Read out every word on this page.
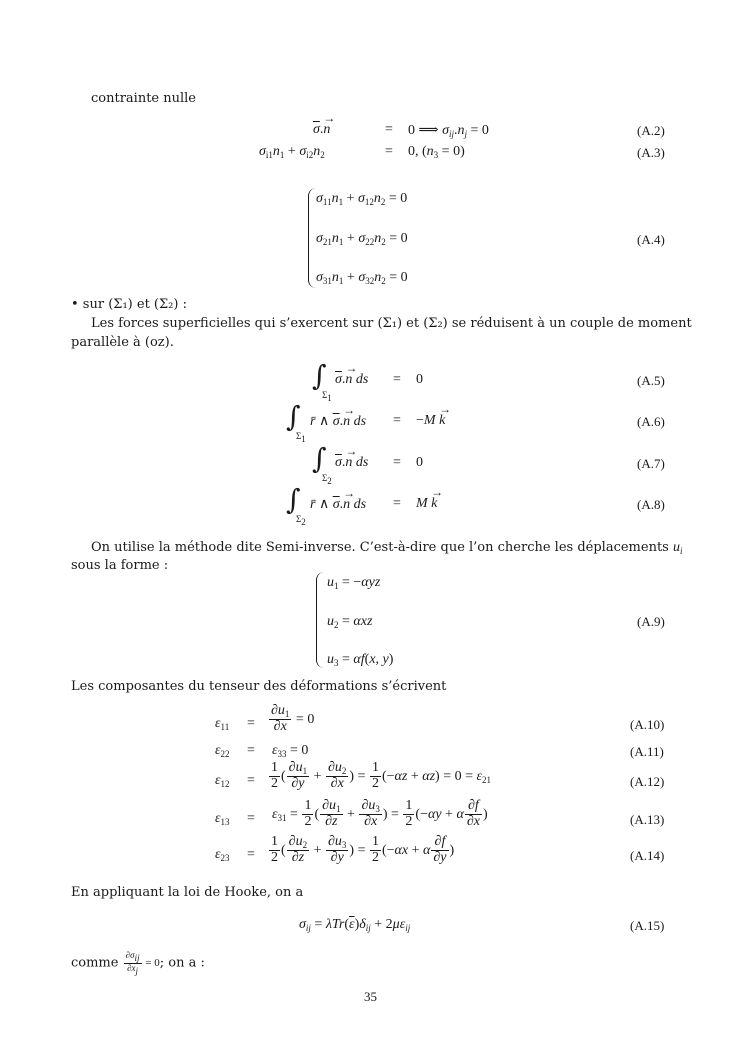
contrainte nulle
$\overline{\sigma}.\to n$	= 0 ⟹ $\sigma_{ij}.n_j = 0$	(A.2)
$\sigma_{i1}n_1 + \sigma_{i2}n_2$	= 0, $(n_3 = 0)$	(A.3)
$\sigma_{11}n_1 + \sigma_{12}n_2 = 0$
$\sigma_{21}n_1 + \sigma_{22}n_2 = 0$
$\sigma_{31}n_1 + \sigma_{32}n_2 = 0$
(A.4)
• sur (Σ₁) et (Σ₂) :
Les forces superficielles qui s’exercent sur (Σ₁) et (Σ₂) se réduisent à un couple de moment
parallèle à (oz).
∫
$\Sigma_1$
$\overline{\sigma}.\to n$ ds = 0	(A.5)
∫
$\Sigma_1$
r̄ ∧ $\overline{\sigma}.\to n$ ds = −M → k	(A.6)
∫
$\Sigma_2$
$\overline{\sigma}.\to n$ ds = 0	(A.7)
∫
$\Sigma_2$
r̄ ∧ $\overline{\sigma}.\to n$ ds = M → k	(A.8)
On utilise la méthode dite Semi-inverse. C’est-à-dire que l’on cherche les déplacements $u_i$
sous la forme :
$u_1 = -\alpha yz$
$u_2 = \alpha xz$
$u_3 = \alpha f(x$, y)
(A.9)
Les composantes du tenseur des déformations s’écrivent
$\varepsilon_{11} = \frac{\partial u_1}{\partial x} = 0$	(A.10)
$\varepsilon_{22} = \varepsilon_{33} = 0$	(A.11)
$\varepsilon_{12} = \frac{1}{2}$ ( $\frac{\partial u_1}{\partial y} + \frac{\partial u_2}{\partial x}$ ) = $\frac{1}{2} (-\alpha z + \alpha z) = 0 = \varepsilon_{21}$	(A.12)
$\varepsilon_{13} = \varepsilon_{31} = \frac{1}{2}$ ( $\frac{\partial u_1}{\partial z} + \frac{\partial u_3}{\partial x}$ ) = $\frac{1}{2} (-\alpha y + \alpha \frac{\partial f}{\partial x}$ )	(A.13)
$\varepsilon_{23} = \frac{1}{2}$ ( $\frac{\partial u_2}{\partial z} + \frac{\partial u_3}{\partial y}$ ) = $\frac{1}{2} (-\alpha x + \alpha \frac{\partial f}{\partial y}$ )	(A.14)
En appliquant la loi de Hooke, on a
$\sigma_{ij} = \lambda Tr(\overline{\varepsilon})\delta_{ij} + 2\mu\varepsilon_{ij}$	(A.15)
comme $\frac{\partial\sigma_{ij}}{\partial x_j} = 0$; on a :
35
